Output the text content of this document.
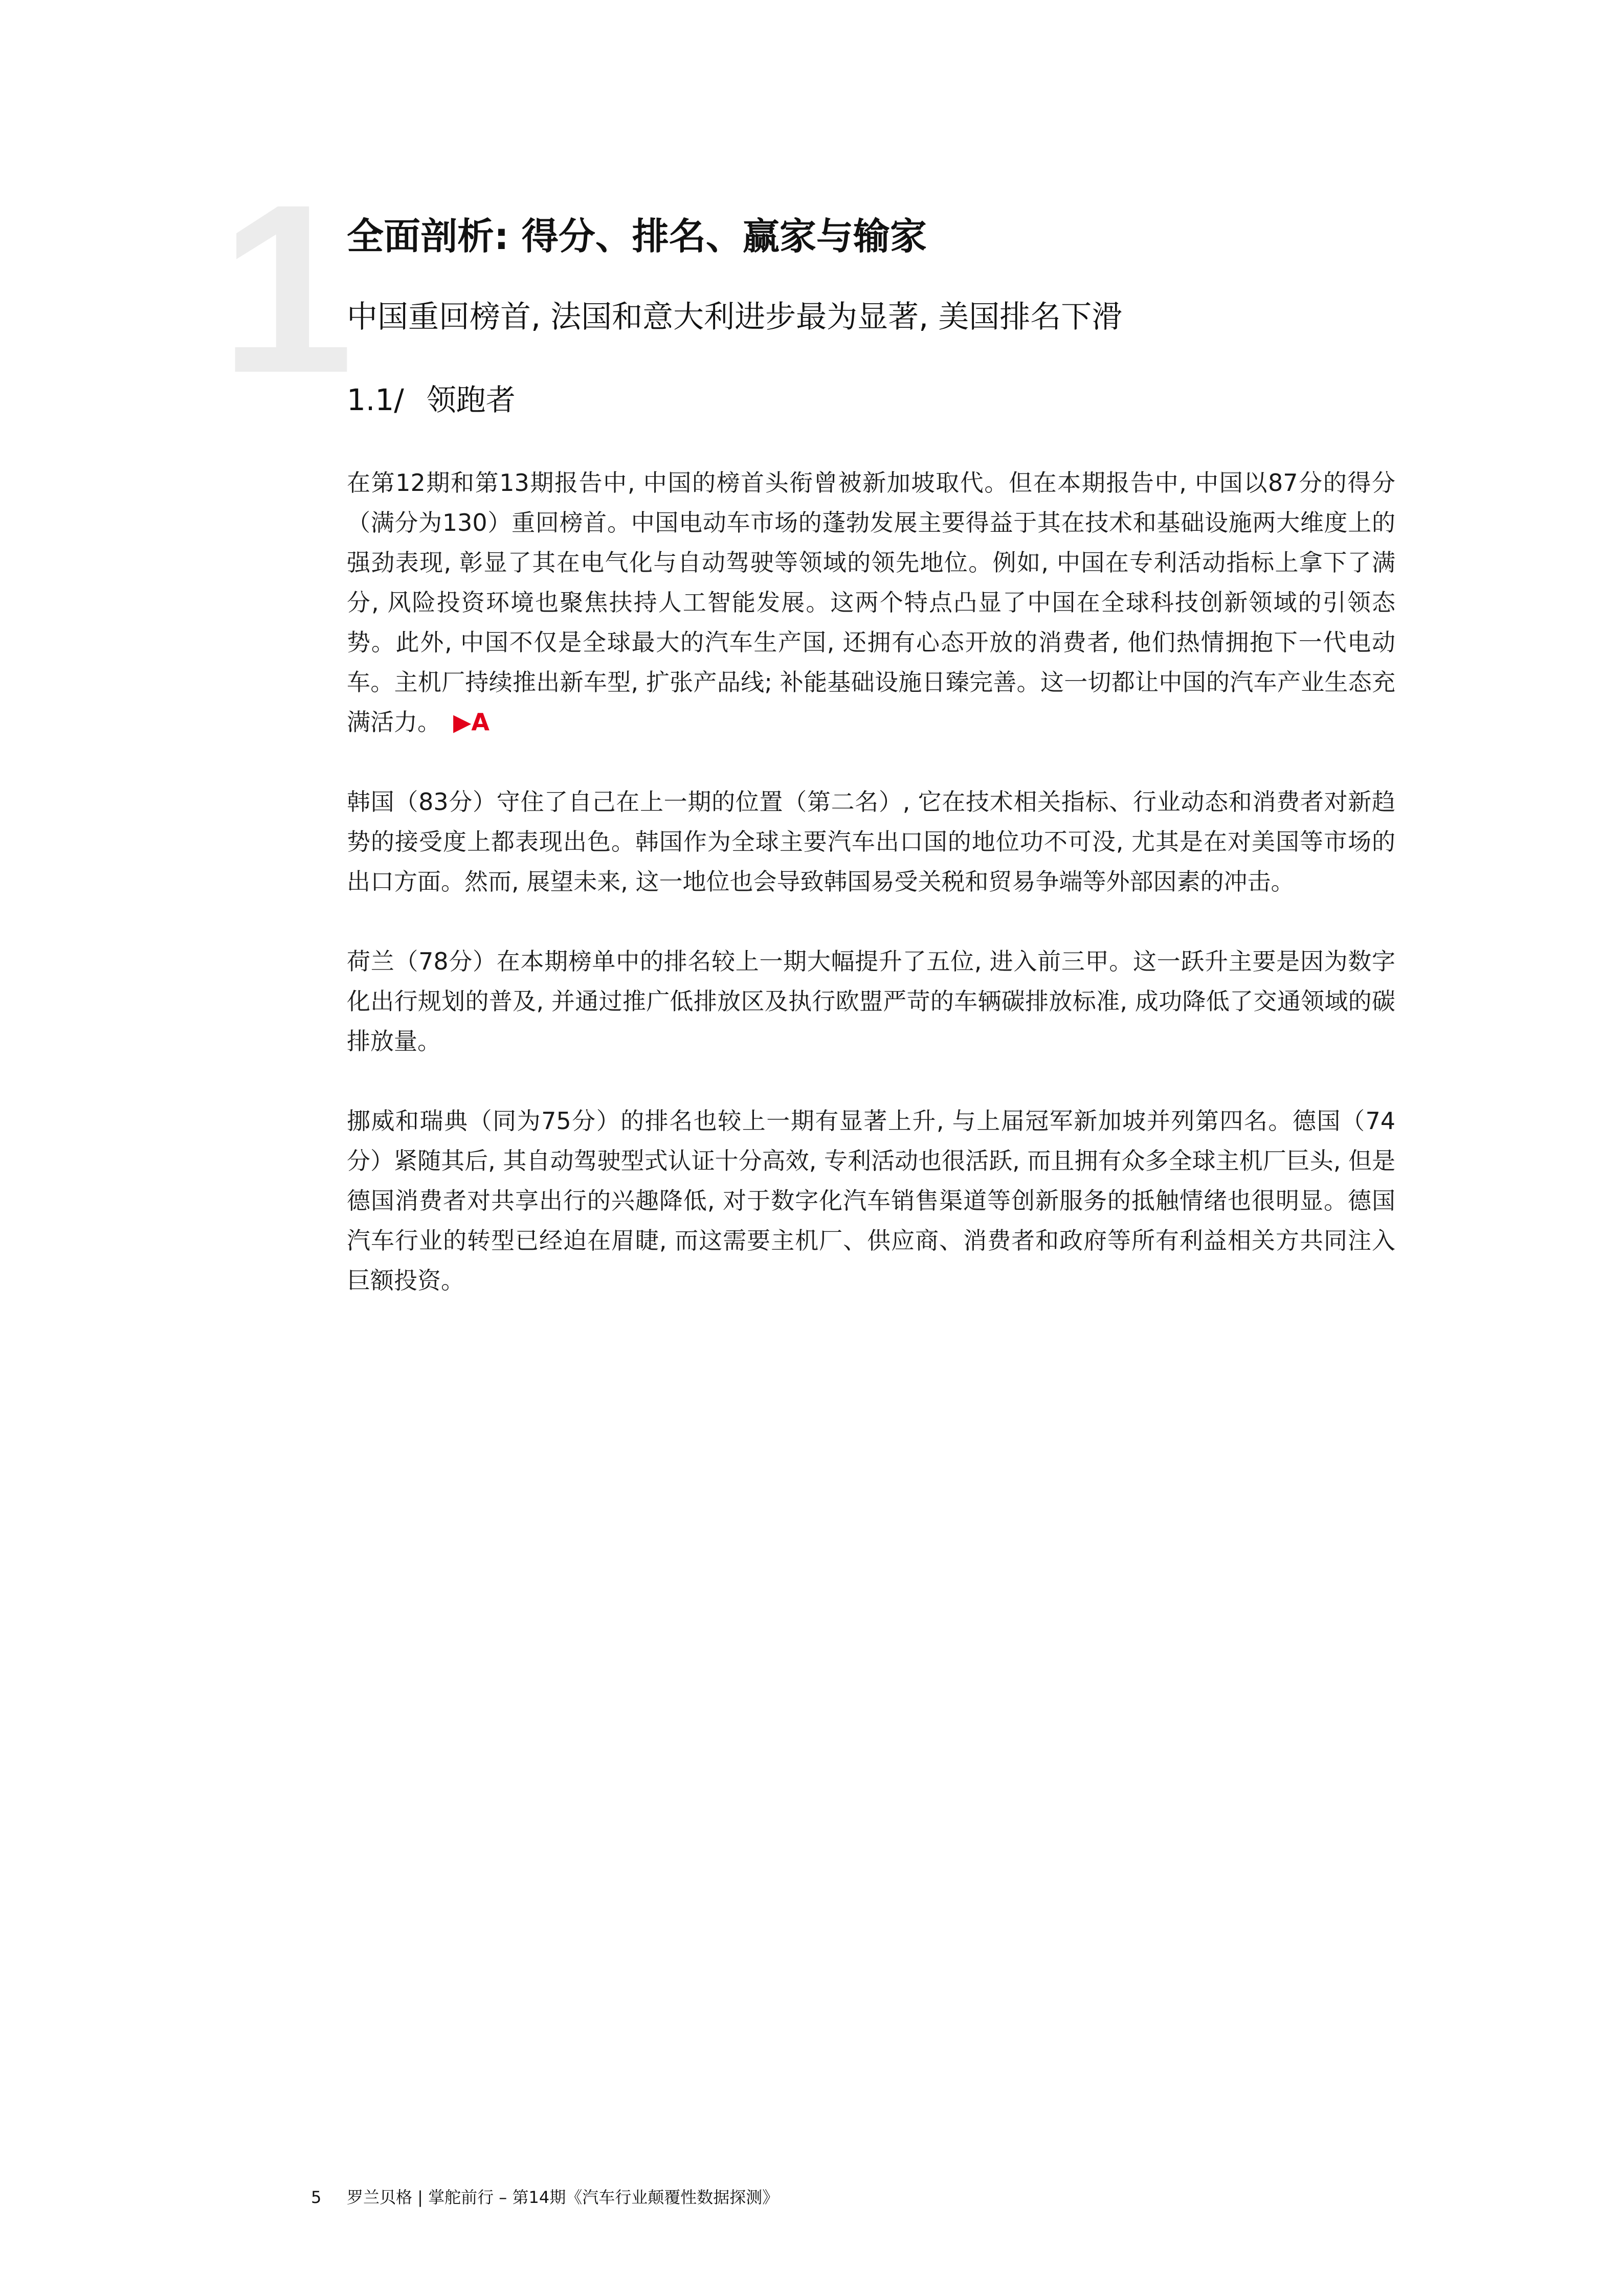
1
全面剖析: 得分、排名、赢家与输家
中国重回榜首, 法国和意大利进步最为显著, 美国排名下滑
1.1/ 领跑者

在第12期和第13期报告中, 中国的榜首头衔曾被新加坡取代。但在本期报告中, 中国以87分的得分（满分为130）重回榜首。中国电动车市场的蓬勃发展主要得益于其在技术和基础设施两大维度上的强劲表现, 彰显了其在电气化与自动驾驶等领域的领先地位。例如, 中国在专利活动指标上拿下了满分, 风险投资环境也聚焦扶持人工智能发展。这两个特点凸显了中国在全球科技创新领域的引领态势。此外, 中国不仅是全球最大的汽车生产国, 还拥有心态开放的消费者, 他们热情拥抱下一代电动车。主机厂持续推出新车型, 扩张产品线; 补能基础设施日臻完善。这一切都让中国的汽车产业生态充满活力。 ▶A

韩国（83分）守住了自己在上一期的位置（第二名）, 它在技术相关指标、行业动态和消费者对新趋势的接受度上都表现出色。韩国作为全球主要汽车出口国的地位功不可没, 尤其是在对美国等市场的出口方面。然而, 展望未来, 这一地位也会导致韩国易受关税和贸易争端等外部因素的冲击。

荷兰（78分）在本期榜单中的排名较上一期大幅提升了五位, 进入前三甲。这一跃升主要是因为数字化出行规划的普及, 并通过推广低排放区及执行欧盟严苛的车辆碳排放标准, 成功降低了交通领域的碳排放量。

挪威和瑞典（同为75分）的排名也较上一期有显著上升, 与上届冠军新加坡并列第四名。德国（74分）紧随其后, 其自动驾驶型式认证十分高效, 专利活动也很活跃, 而且拥有众多全球主机厂巨头, 但是德国消费者对共享出行的兴趣降低, 对于数字化汽车销售渠道等创新服务的抵触情绪也很明显。德国汽车行业的转型已经迫在眉睫, 而这需要主机厂、供应商、消费者和政府等所有利益相关方共同注入巨额投资。

5 罗兰贝格 | 掌舵前行 – 第14期《汽车行业颠覆性数据探测》
